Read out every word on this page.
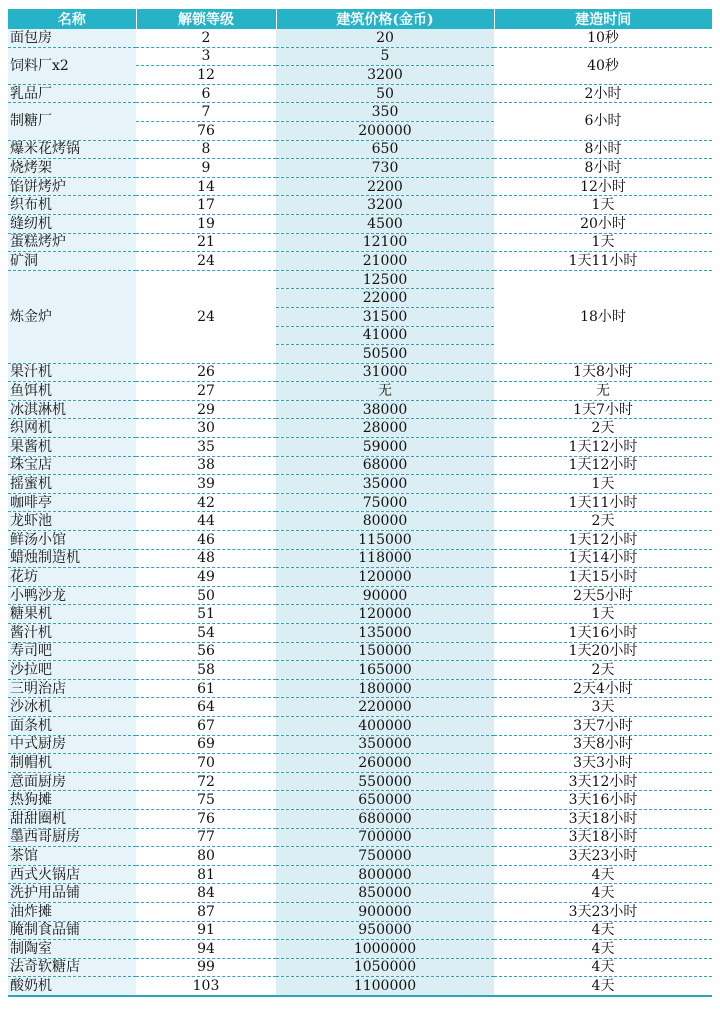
名称	解锁等级	建筑价格(金币)	建造时间
面包房	2	20	10秒
饲料厂x2	3	5	40秒
	12	3200	
乳品厂	6	50	2小时
制糖厂	7	350	6小时
	76	200000	
爆米花烤锅	8	650	8小时
烧烤架	9	730	8小时
馅饼烤炉	14	2200	12小时
织布机	17	3200	1天
缝纫机	19	4500	20小时
蛋糕烤炉	21	12100	1天
矿洞	24	21000	1天11小时
炼金炉	24	12500	18小时
		22000	
		31500	
		41000	
		50500	
果汁机	26	31000	1天8小时
鱼饵机	27	无	无
冰淇淋机	29	38000	1天7小时
织网机	30	28000	2天
果酱机	35	59000	1天12小时
珠宝店	38	68000	1天12小时
摇蜜机	39	35000	1天
咖啡亭	42	75000	1天11小时
龙虾池	44	80000	2天
鲜汤小馆	46	115000	1天12小时
蜡烛制造机	48	118000	1天14小时
花坊	49	120000	1天15小时
小鸭沙龙	50	90000	2天5小时
糖果机	51	120000	1天
酱汁机	54	135000	1天16小时
寿司吧	56	150000	1天20小时
沙拉吧	58	165000	2天
三明治店	61	180000	2天4小时
沙冰机	64	220000	3天
面条机	67	400000	3天7小时
中式厨房	69	350000	3天8小时
制帽机	70	260000	3天3小时
意面厨房	72	550000	3天12小时
热狗摊	75	650000	3天16小时
甜甜圈机	76	680000	3天18小时
墨西哥厨房	77	700000	3天18小时
茶馆	80	750000	3天23小时
西式火锅店	81	800000	4天
洗护用品铺	84	850000	4天
油炸摊	87	900000	3天23小时
腌制食品铺	91	950000	4天
制陶室	94	1000000	4天
法奇软糖店	99	1050000	4天
酸奶机	103	1100000	4天
